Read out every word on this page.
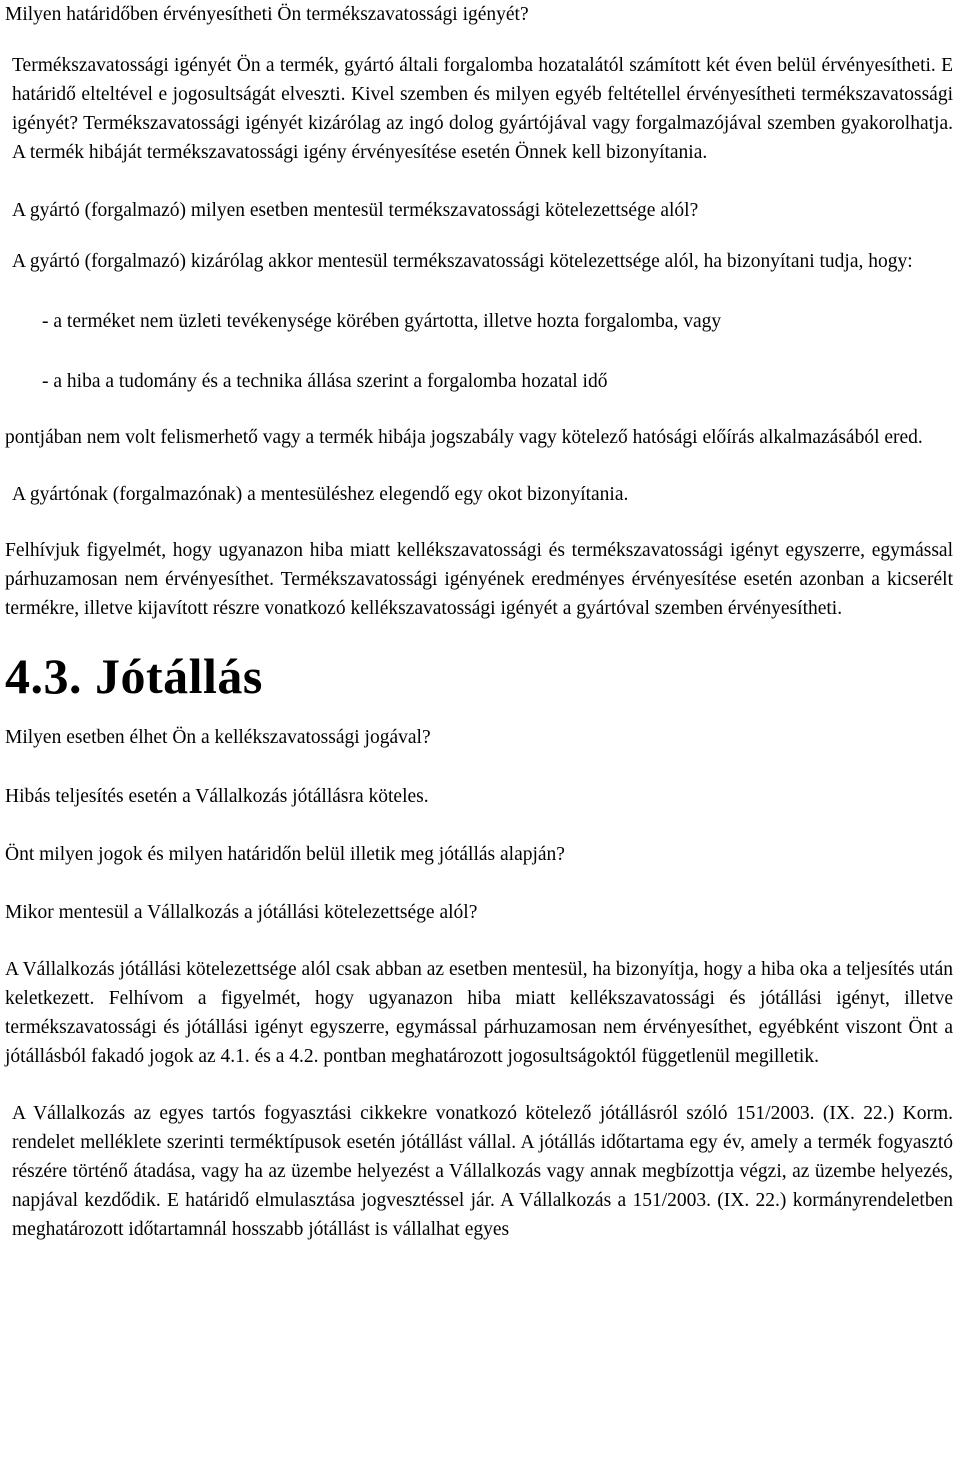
Milyen határidőben érvényesítheti Ön termékszavatossági igényét?

Termékszavatossági igényét Ön a termék, gyártó általi forgalomba hozatalától számított két éven belül érvényesítheti. E határidő elteltével e jogosultságát elveszti. Kivel szemben és milyen egyéb feltétellel érvényesítheti termékszavatossági igényét? Termékszavatossági igényét kizárólag az ingó dolog gyártójával vagy forgalmazójával szemben gyakorolhatja. A termék hibáját termékszavatossági igény érvényesítése esetén Önnek kell bizonyítania.

A gyártó (forgalmazó) milyen esetben mentesül termékszavatossági kötelezettsége alól?

A gyártó (forgalmazó) kizárólag akkor mentesül termékszavatossági kötelezettsége alól, ha bizonyítani tudja, hogy:

- a terméket nem üzleti tevékenysége körében gyártotta, illetve hozta forgalomba, vagy

- a hiba a tudomány és a technika állása szerint a forgalomba hozatal idő

pontjában nem volt felismerhető vagy a termék hibája jogszabály vagy kötelező hatósági előírás alkalmazásából ered.

A gyártónak (forgalmazónak) a mentesüléshez elegendő egy okot bizonyítania.

Felhívjuk figyelmét, hogy ugyanazon hiba miatt kellékszavatossági és termékszavatossági igényt egyszerre, egymással párhuzamosan nem érvényesíthet. Termékszavatossági igényének eredményes érvényesítése esetén azonban a kicserélt termékre, illetve kijavított részre vonatkozó kellékszavatossági igényét a gyártóval szemben érvényesítheti.

4.3. Jótállás

Milyen esetben élhet Ön a kellékszavatossági jogával?

Hibás teljesítés esetén a Vállalkozás jótállásra köteles.

Önt milyen jogok és milyen határidőn belül illetik meg jótállás alapján?

Mikor mentesül a Vállalkozás a jótállási kötelezettsége alól?

A Vállalkozás jótállási kötelezettsége alól csak abban az esetben mentesül, ha bizonyítja, hogy a hiba oka a teljesítés után keletkezett. Felhívom a figyelmét, hogy ugyanazon hiba miatt kellékszavatossági és jótállási igényt, illetve termékszavatossági és jótállási igényt egyszerre, egymással párhuzamosan nem érvényesíthet, egyébként viszont Önt a jótállásból fakadó jogok az 4.1. és a 4.2. pontban meghatározott jogosultságoktól függetlenül megilletik.

A Vállalkozás az egyes tartós fogyasztási cikkekre vonatkozó kötelező jótállásról szóló 151/2003. (IX. 22.) Korm. rendelet melléklete szerinti terméktípusok esetén jótállást vállal. A jótállás időtartama egy év, amely a termék fogyasztó részére történő átadása, vagy ha az üzembe helyezést a Vállalkozás vagy annak megbízottja végzi, az üzembe helyezés, napjával kezdődik. E határidő elmulasztása jogvesztéssel jár. A Vállalkozás a 151/2003. (IX. 22.) kormányrendeletben meghatározott időtartamnál hosszabb jótállást is vállalhat egyes
